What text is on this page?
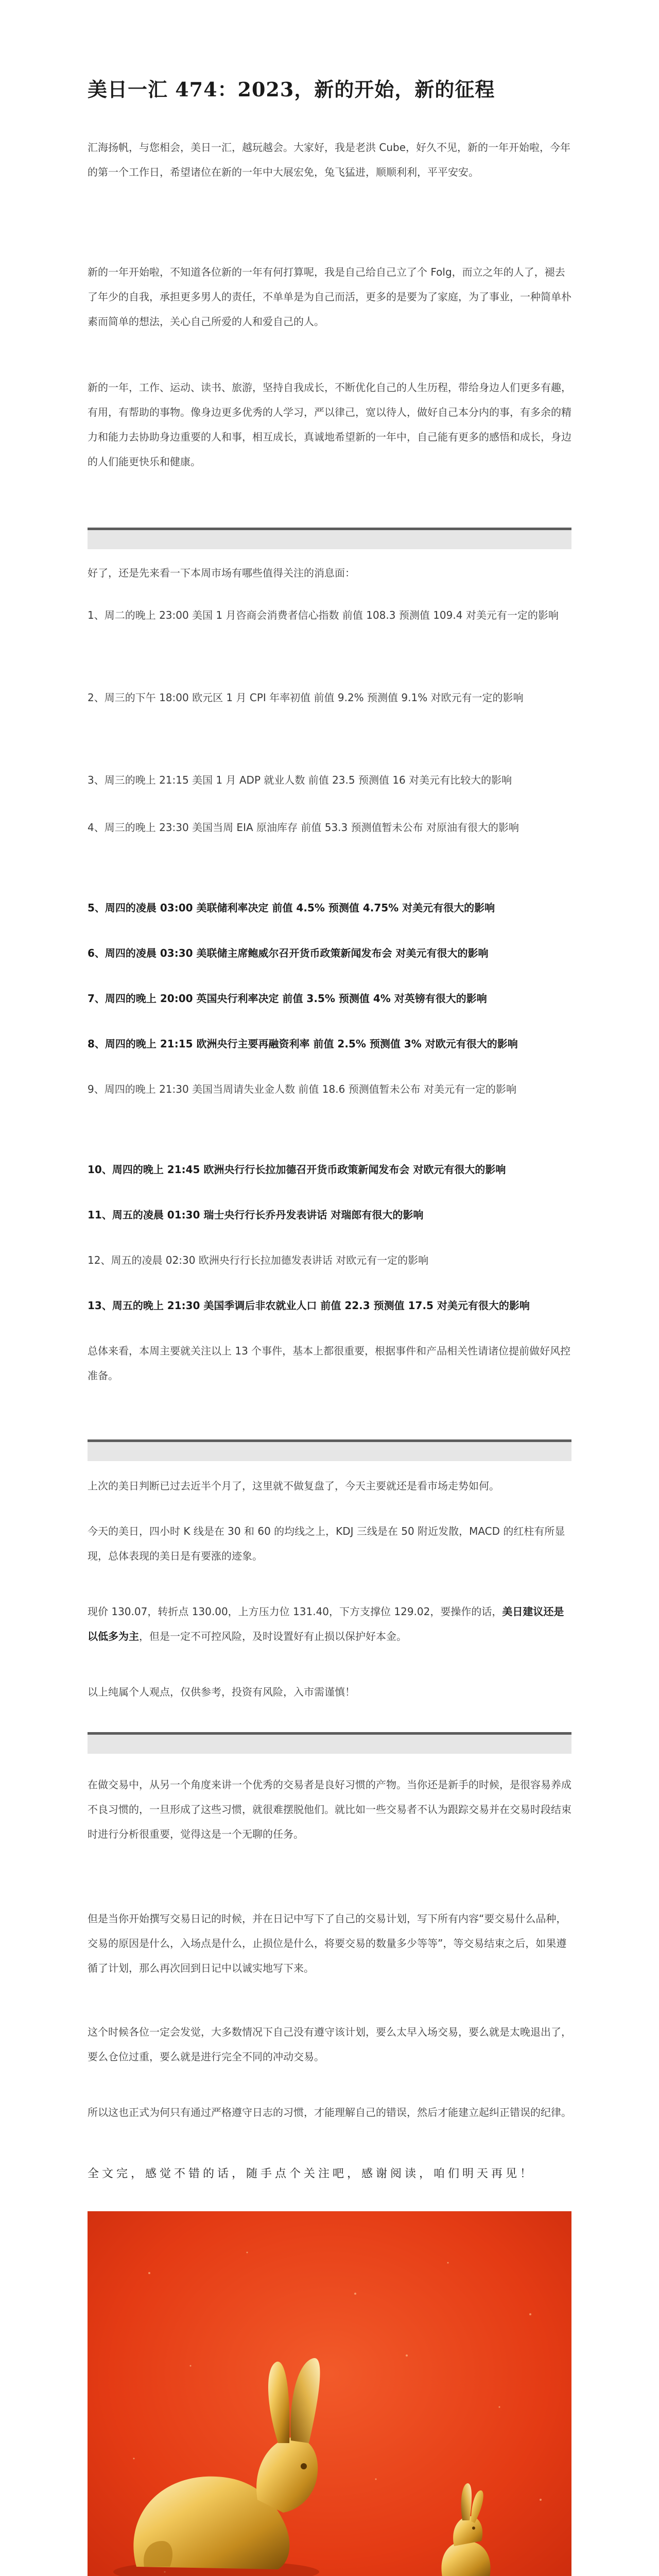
美日一汇 474：2023，新的开始，新的征程

汇海扬帆，与您相会，美日一汇，越玩越会。大家好，我是老洪 Cube，好久不见，新的一年开始啦，今年的第一个工作日，希望诸位在新的一年中大展宏免，兔飞猛进，顺顺利利，平平安安。

新的一年开始啦，不知道各位新的一年有何打算呢，我是自己给自己立了个 Folg，而立之年的人了，褪去了年少的自我，承担更多男人的责任，不单单是为自己而活，更多的是要为了家庭，为了事业，一种简单朴素而简单的想法，关心自己所爱的人和爱自己的人。

新的一年，工作、运动、读书、旅游，坚持自我成长，不断优化自己的人生历程，带给身边人们更多有趣，有用，有帮助的事物。像身边更多优秀的人学习，严以律己，宽以待人，做好自己本分内的事，有多余的精力和能力去协助身边重要的人和事，相互成长，真诚地希望新的一年中，自己能有更多的感悟和成长，身边的人们能更快乐和健康。

好了，还是先来看一下本周市场有哪些值得关注的消息面：
1、周二的晚上 23:00 美国 1 月咨商会消费者信心指数 前值 108.3 预测值 109.4 对美元有一定的影响
2、周三的下午 18:00 欧元区 1 月 CPI 年率初值 前值 9.2% 预测值 9.1% 对欧元有一定的影响
3、周三的晚上 21:15 美国 1 月 ADP 就业人数 前值 23.5 预测值 16 对美元有比较大的影响
4、周三的晚上 23:30 美国当周 EIA 原油库存 前值 53.3 预测值暂未公布 对原油有很大的影响
5、周四的凌晨 03:00 美联储利率决定 前值 4.5% 预测值 4.75% 对美元有很大的影响
6、周四的凌晨 03:30 美联储主席鲍威尔召开货币政策新闻发布会 对美元有很大的影响
7、周四的晚上 20:00 英国央行利率决定 前值 3.5% 预测值 4% 对英镑有很大的影响
8、周四的晚上 21:15 欧洲央行主要再融资利率 前值 2.5% 预测值 3% 对欧元有很大的影响
9、周四的晚上 21:30 美国当周请失业金人数 前值 18.6 预测值暂未公布 对美元有一定的影响
10、周四的晚上 21:45 欧洲央行行长拉加德召开货币政策新闻发布会 对欧元有很大的影响
11、周五的凌晨 01:30 瑞士央行行长乔丹发表讲话 对瑞郎有很大的影响
12、周五的凌晨 02:30 欧洲央行行长拉加德发表讲话 对欧元有一定的影响
13、周五的晚上 21:30 美国季调后非农就业人口 前值 22.3 预测值 17.5 对美元有很大的影响

总体来看，本周主要就关注以上 13 个事件，基本上都很重要，根据事件和产品相关性请诸位提前做好风控准备。

上次的美日判断已过去近半个月了，这里就不做复盘了，今天主要就还是看市场走势如何。

今天的美日，四小时 K 线是在 30 和 60 的均线之上，KDJ 三线是在 50 附近发散，MACD 的红柱有所显现，总体表现的美日是有要涨的迹象。

现价 130.07，转折点 130.00，上方压力位 131.40，下方支撑位 129.02，要操作的话，美日建议还是以低多为主，但是一定不可控风险，及时设置好有止损以保护好本金。

以上纯属个人观点，仅供参考，投资有风险，入市需谨慎！

在做交易中，从另一个角度来讲一个优秀的交易者是良好习惯的产物。当你还是新手的时候，是很容易养成不良习惯的，一旦形成了这些习惯，就很难摆脱他们。就比如一些交易者不认为跟踪交易并在交易时段结束时进行分析很重要，觉得这是一个无聊的任务。

但是当你开始撰写交易日记的时候，并在日记中写下了自己的交易计划，写下所有内容“要交易什么品种，交易的原因是什么，入场点是什么，止损位是什么，将要交易的数量多少等等”，等交易结束之后，如果遵循了计划，那么再次回到日记中以诚实地写下来。

这个时候各位一定会发觉，大多数情况下自己没有遵守该计划，要么太早入场交易，要么就是太晚退出了，要么仓位过重，要么就是进行完全不同的冲动交易。

所以这也正式为何只有通过严格遵守日志的习惯，才能理解自己的错误，然后才能建立起纠正错误的纪律。

全文完，感觉不错的话，随手点个关注吧，感谢阅读，咱们明天再见！
